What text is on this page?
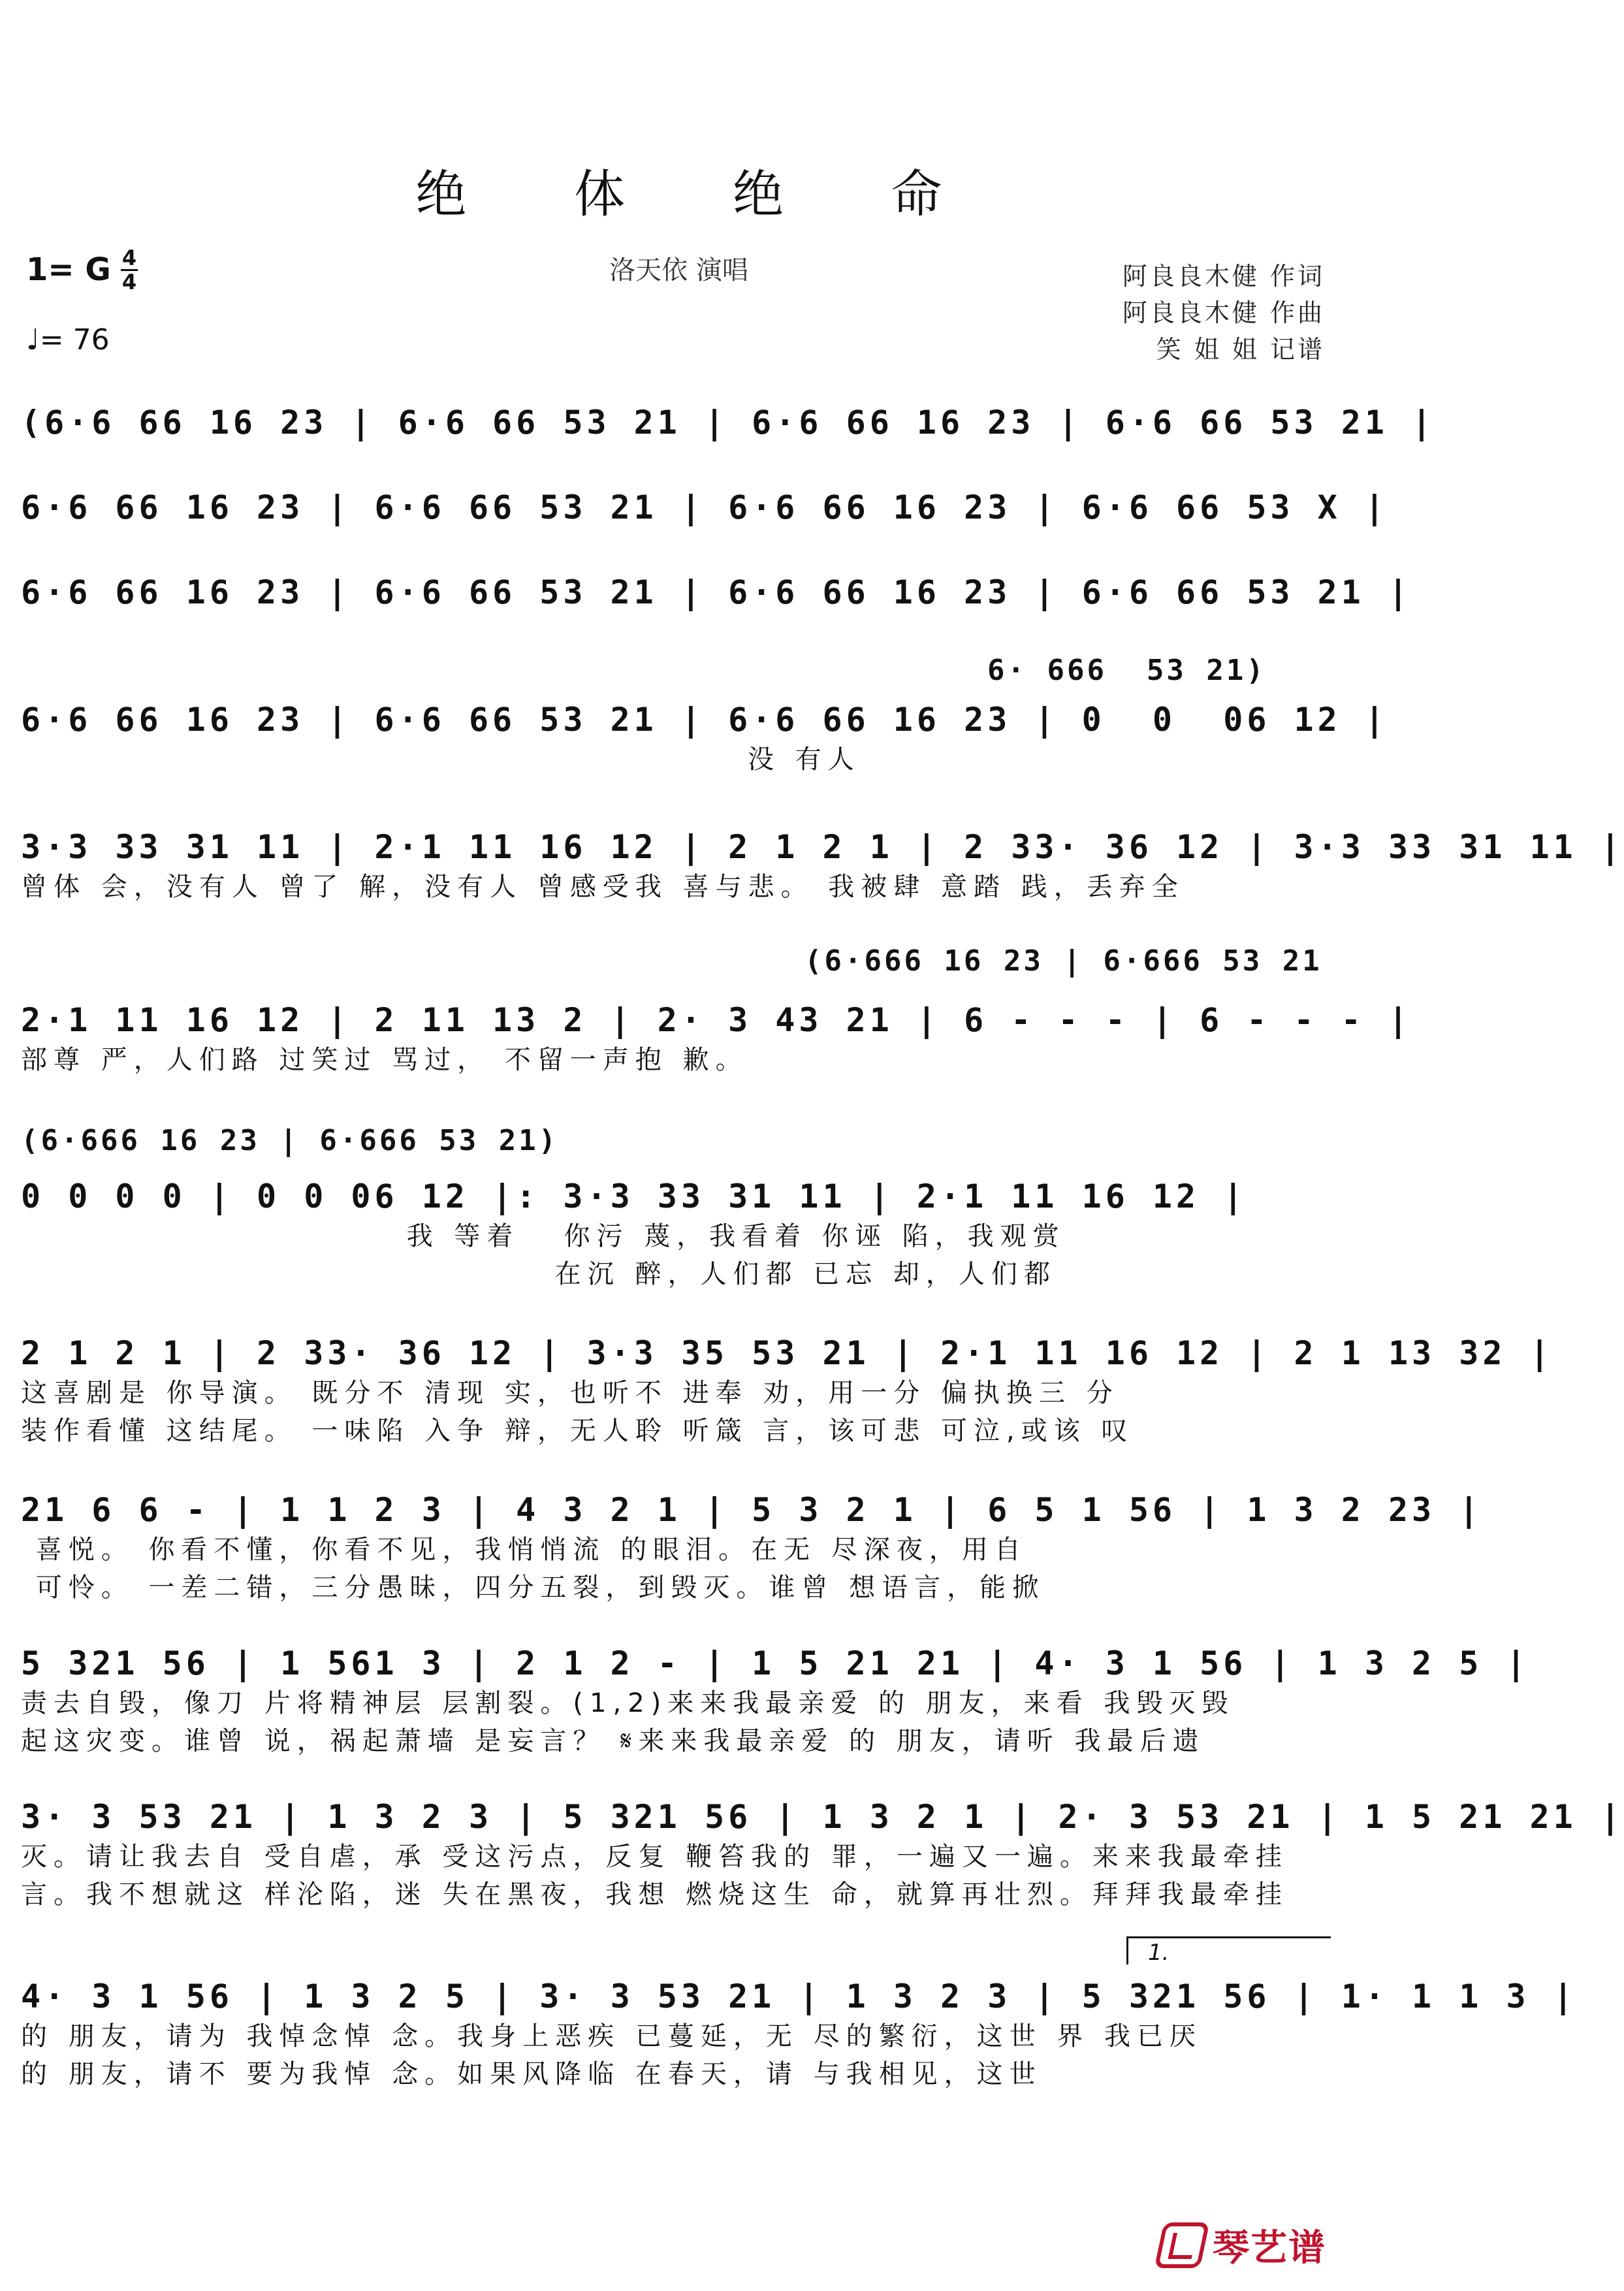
绝 体 绝 命
洛天依 演唱
1= G 4
4
♩= 76
阿良良木健 作词
阿良良木健 作曲
笑 姐 姐 记谱
(6·6 66 16 23 | 6·6 66 53 21 | 6·6 66 16 23 | 6·6 66 53 21 |
6·6 66 16 23 | 6·6 66 53 21 | 6·6 66 16 23 | 6·6 66 53 X |
6·6 66 16 23 | 6·6 66 53 21 | 6·6 66 16 23 | 6·6 66 53 21 |
6· 666  53 21)
6·6 66 16 23 | 6·6 66 53 21 | 6·6 66 16 23 | 0  0  06 12 |
没 有人
3·3 33 31 11 | 2·1 11 16 12 | 2 1 2 1 | 2 33· 36 12 | 3·3 33 31 11 |
曾体 会，没有人 曾了 解，没有人 曾感受我 喜与悲。 我被肆 意踏 践，丢弃全
(6·666 16 23 | 6·666 53 21
2·1 11 16 12 | 2 11 13 2 | 2· 3 43 21 | 6 - - - | 6 - - - |
部尊 严，人们路 过笑过 骂过， 不留一声抱 歉。
(6·666 16 23 | 6·666 53 21)
0 0 0 0 | 0 0 06 12 |: 3·3 33 31 11 | 2·1 11 16 12 |
我 等着   你污 蔑，我看着 你诬 陷，我观赏
在沉 醉，人们都 已忘 却，人们都
2 1 2 1 | 2 33· 36 12 | 3·3 35 53 21 | 2·1 11 16 12 | 2 1 13 32 |
这喜剧是 你导演。 既分不 清现 实，也听不 进奉 劝，用一分 偏执换三 分
装作看懂 这结尾。 一味陷 入争 辩，无人聆 听箴 言，该可悲 可泣,或该 叹
21 6 6 - | 1 1 2 3 | 4 3 2 1 | 5 3 2 1 | 6 5 1 56 | 1 3 2 23 |
喜悦。 你看不懂，你看不见，我悄悄流 的眼泪。在无 尽深夜，用自
可怜。 一差二错，三分愚昧，四分五裂，到毁灭。谁曾 想语言，能掀
5 321 56 | 1 561 3 | 2 1 2 - | 1 5 21 21 | 4· 3 1 56 | 1 3 2 5 |
责去自毁，像刀 片将精神层 层割裂。(1,2)来来我最亲爱 的 朋友，来看 我毁灭毁
起这灾变。谁曾 说，祸起萧墙 是妄言？ 𝄋来来我最亲爱 的 朋友，请听 我最后遗
3· 3 53 21 | 1 3 2 3 | 5 321 56 | 1 3 2 1 | 2· 3 53 21 | 1 5 21 21 |
灭。请让我去自 受自虐，承 受这污点，反复 鞭笞我的 罪，一遍又一遍。来来我最牵挂
言。我不想就这 样沦陷，迷 失在黑夜，我想 燃烧这生 命，就算再壮烈。拜拜我最牵挂
1.
4· 3 1 56 | 1 3 2 5 | 3· 3 53 21 | 1 3 2 3 | 5 321 56 | 1· 1 1 3 |
的 朋友，请为 我悼念悼 念。我身上恶疾 已蔓延，无 尽的繁衍，这世 界 我已厌
的 朋友，请不 要为我悼 念。如果风降临 在春天，请 与我相见，这世
琴艺谱
